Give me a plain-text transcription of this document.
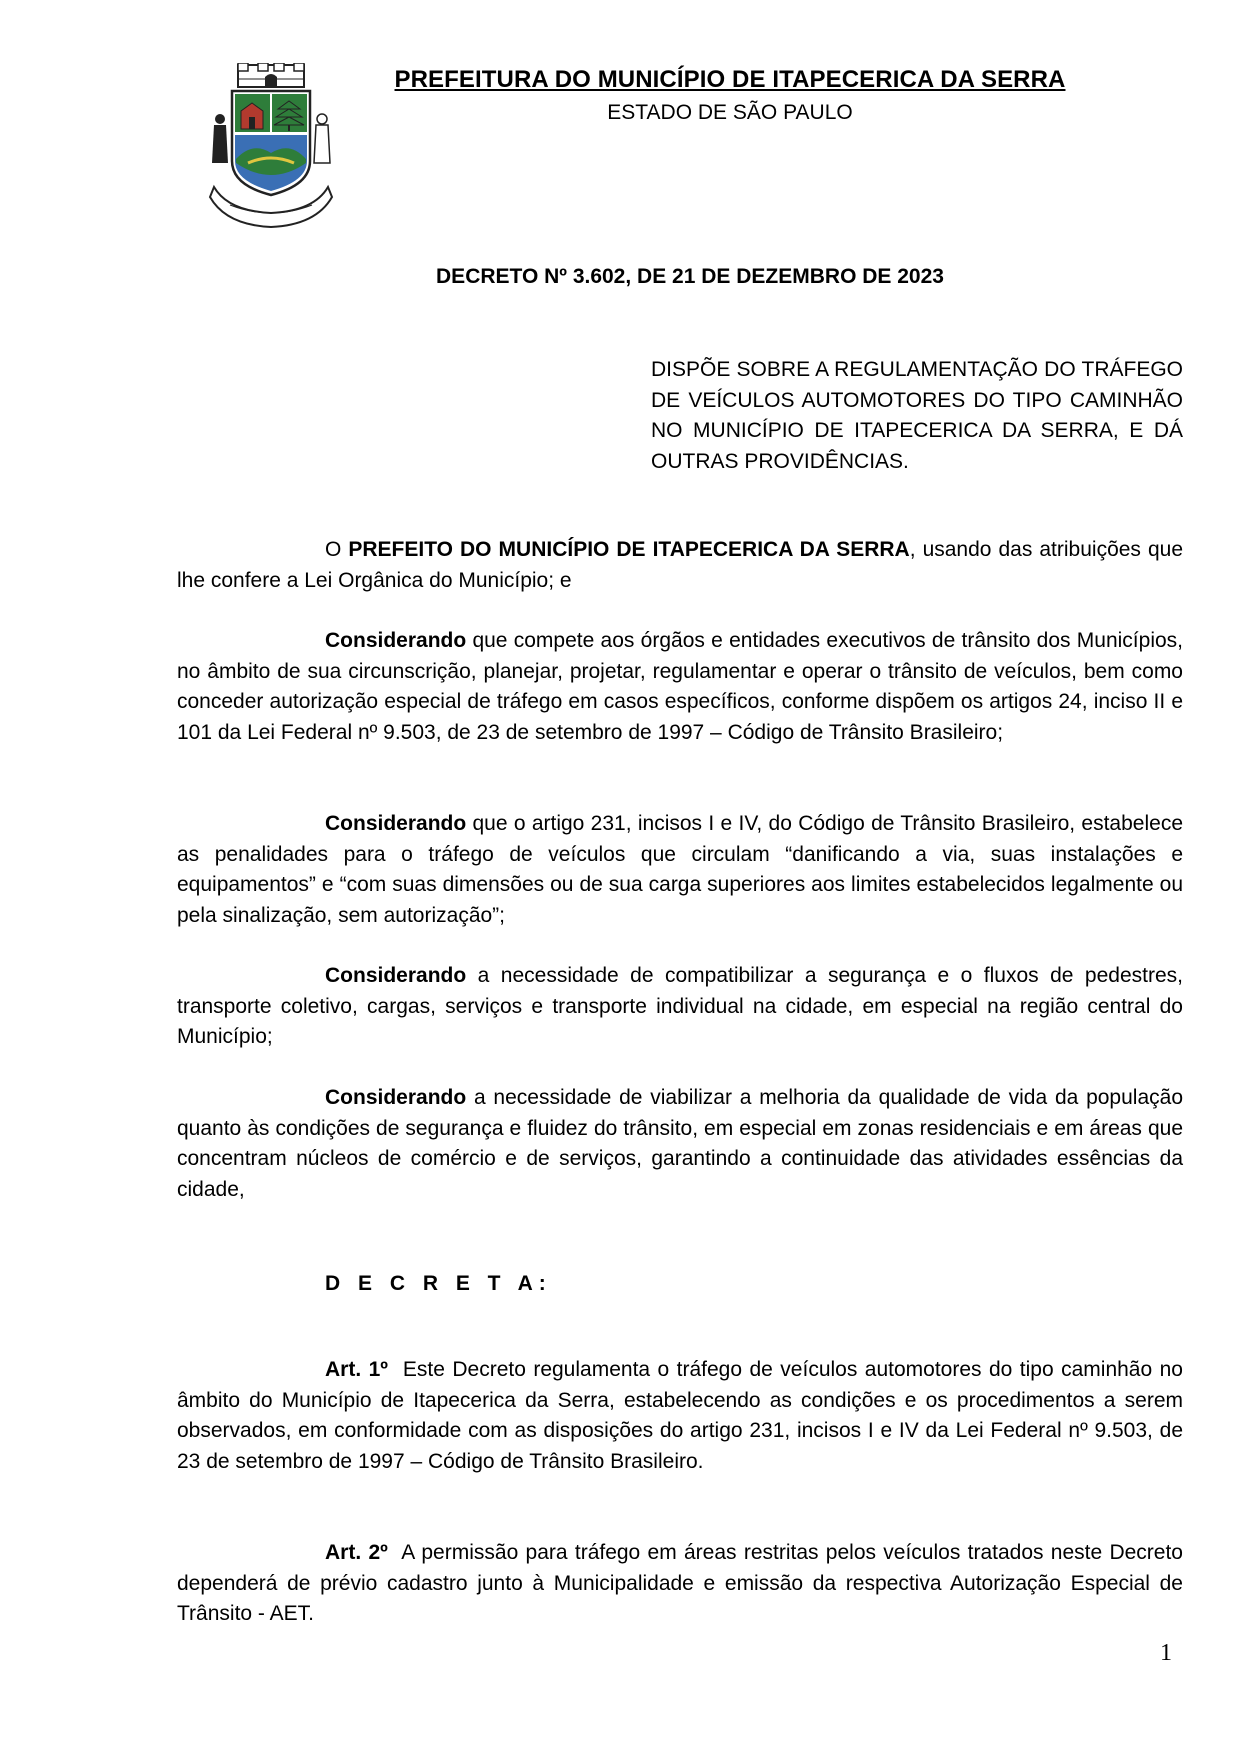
PREFEITURA DO MUNICÍPIO DE ITAPECERICA DA SERRA
ESTADO DE SÃO PAULO
DECRETO Nº 3.602, DE 21 DE DEZEMBRO DE 2023
DISPÕE SOBRE A REGULAMENTAÇÃO DO TRÁFEGO DE VEÍCULOS AUTOMOTORES DO TIPO CAMINHÃO NO MUNICÍPIO DE ITAPECERICA DA SERRA, E DÁ OUTRAS PROVIDÊNCIAS.
O PREFEITO DO MUNICÍPIO DE ITAPECERICA DA SERRA, usando das atribuições que lhe confere a Lei Orgânica do Município; e
Considerando que compete aos órgãos e entidades executivos de trânsito dos Municípios, no âmbito de sua circunscrição, planejar, projetar, regulamentar e operar o trânsito de veículos, bem como conceder autorização especial de tráfego em casos específicos, conforme dispõem os artigos 24, inciso II e 101 da Lei Federal nº 9.503, de 23 de setembro de 1997 – Código de Trânsito Brasileiro;
Considerando que o artigo 231, incisos I e IV, do Código de Trânsito Brasileiro, estabelece as penalidades para o tráfego de veículos que circulam “danificando a via, suas instalações e equipamentos” e “com suas dimensões ou de sua carga superiores aos limites estabelecidos legalmente ou pela sinalização, sem autorização”;
Considerando a necessidade de compatibilizar a segurança e o fluxos de pedestres, transporte coletivo, cargas, serviços e transporte individual na cidade, em especial na região central do Município;
Considerando a necessidade de viabilizar a melhoria da qualidade de vida da população quanto às condições de segurança e fluidez do trânsito, em especial em zonas residenciais e em áreas que concentram núcleos de comércio e de serviços, garantindo a continuidade das atividades essências da cidade,
D E C R E T A:
Art. 1º  Este Decreto regulamenta o tráfego de veículos automotores do tipo caminhão no âmbito do Município de Itapecerica da Serra, estabelecendo as condições e os procedimentos a serem observados, em conformidade com as disposições do artigo 231, incisos I e IV da Lei Federal nº 9.503, de 23 de setembro de 1997 – Código de Trânsito Brasileiro.
Art. 2º  A permissão para tráfego em áreas restritas pelos veículos tratados neste Decreto dependerá de prévio cadastro junto à Municipalidade e emissão da respectiva Autorização Especial de Trânsito - AET.
1
